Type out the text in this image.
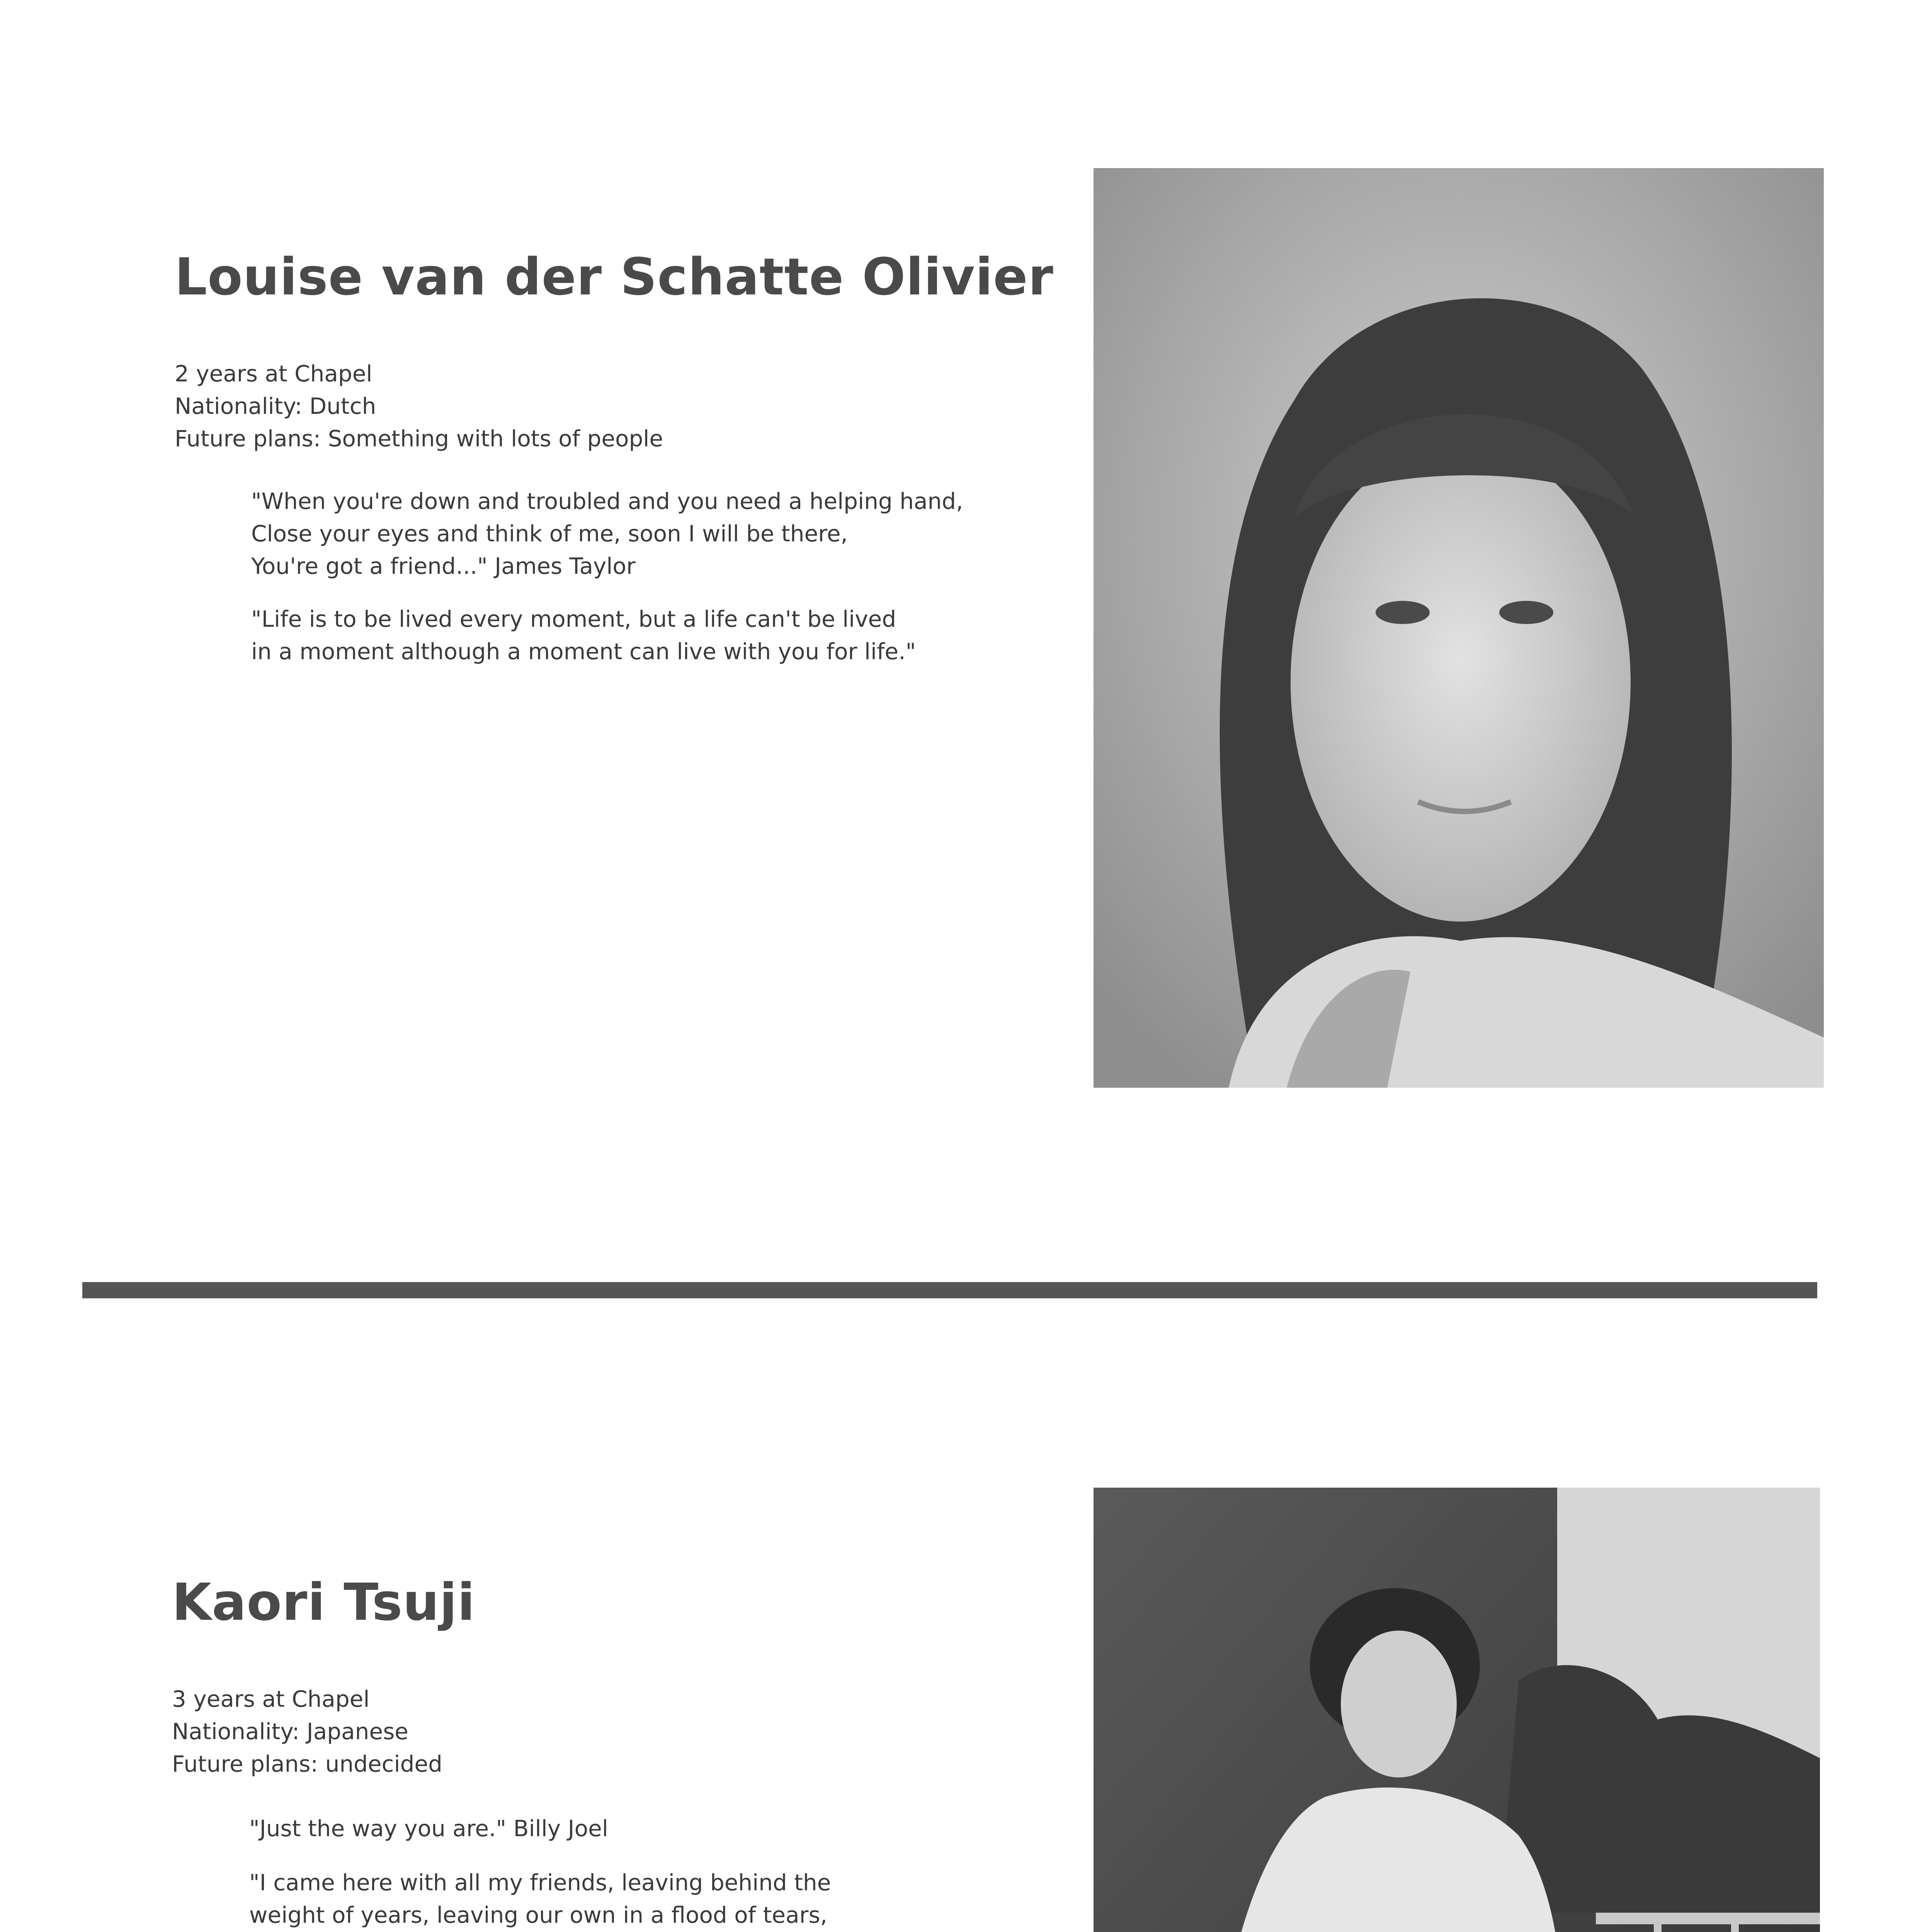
Louise van der Schatte Olivier
2 years at Chapel
Nationality: Dutch
Future plans: Something with lots of people
"When you're down and troubled and you need a helping hand,
Close your eyes and think of me, soon I will be there,
You're got a friend..." James Taylor
"Life is to be lived every moment, but a life can't be lived
in a moment although a moment can live with you for life."
Kaori Tsuji
3 years at Chapel
Nationality: Japanese
Future plans: undecided
"Just the way you are." Billy Joel
"I came here with all my friends, leaving behind the
weight of years, leaving our own in a flood of tears,
